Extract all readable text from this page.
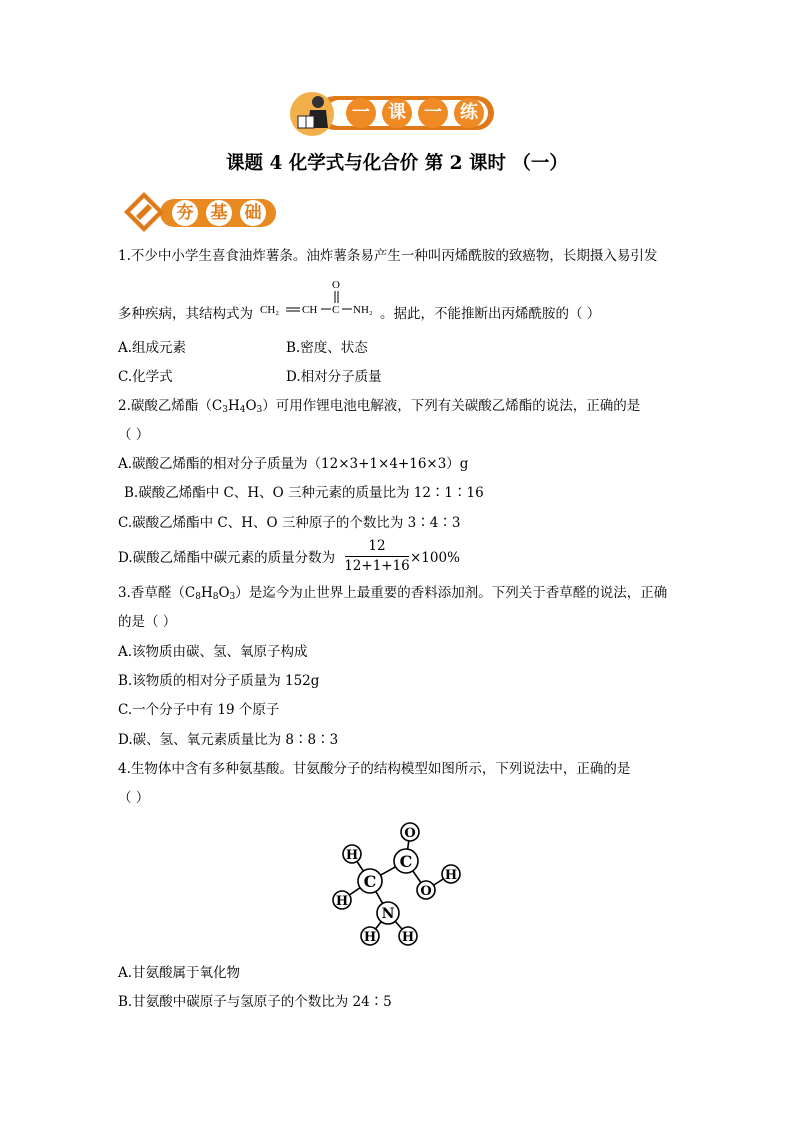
一	课	一	练
课题 4 化学式与化合价 第 2 课时 （一）
夯 基 础
1.不少中小学生喜食油炸薯条。油炸薯条易产生一种叫丙烯酰胺的致癌物，长期摄入易引发
多种疾病，其结构式为 CH₂ CH C
O
NH₂ 。据此，不能推断出丙烯酰胺的（ ）
A.组成元素	B.密度、状态
C.化学式	D.相对分子质量
2.碳酸乙烯酯$(C_3H_4O_3)$可用作锂电池电解液，下列有关碳酸乙烯酯的说法，正确的是
（ ）
A.碳酸乙烯酯的相对分子质量为（12×3+1×4+16×3）g
B.碳酸乙烯酯中 C、H、O 三种元素的质量比为 12∶1∶16
C.碳酸乙烯酯中 C、H、O 三种原子的个数比为 3∶4∶3
D.碳酸乙烯酯中碳元素的质量分数为
12
12+1+16 ×100%
3.香草醛$(C_8H_8O_3)$是迄今为止世界上最重要的香料添加剂。下列关于香草醛的说法，正确
的是（ ）
A.该物质由碳、氢、氧原子构成
B.该物质的相对分子质量为 152g
C.一个分子中有 19 个原子
D.碳、氢、氧元素质量比为 8∶8∶3
4.生物体中含有多种氨基酸。甘氨酸分子的结构模型如图所示，下列说法中，正确的是
（ ）
O
C
O
H
H
C
H
N
H H
A.甘氨酸属于氧化物
B.甘氨酸中碳原子与氢原子的个数比为 24∶5
